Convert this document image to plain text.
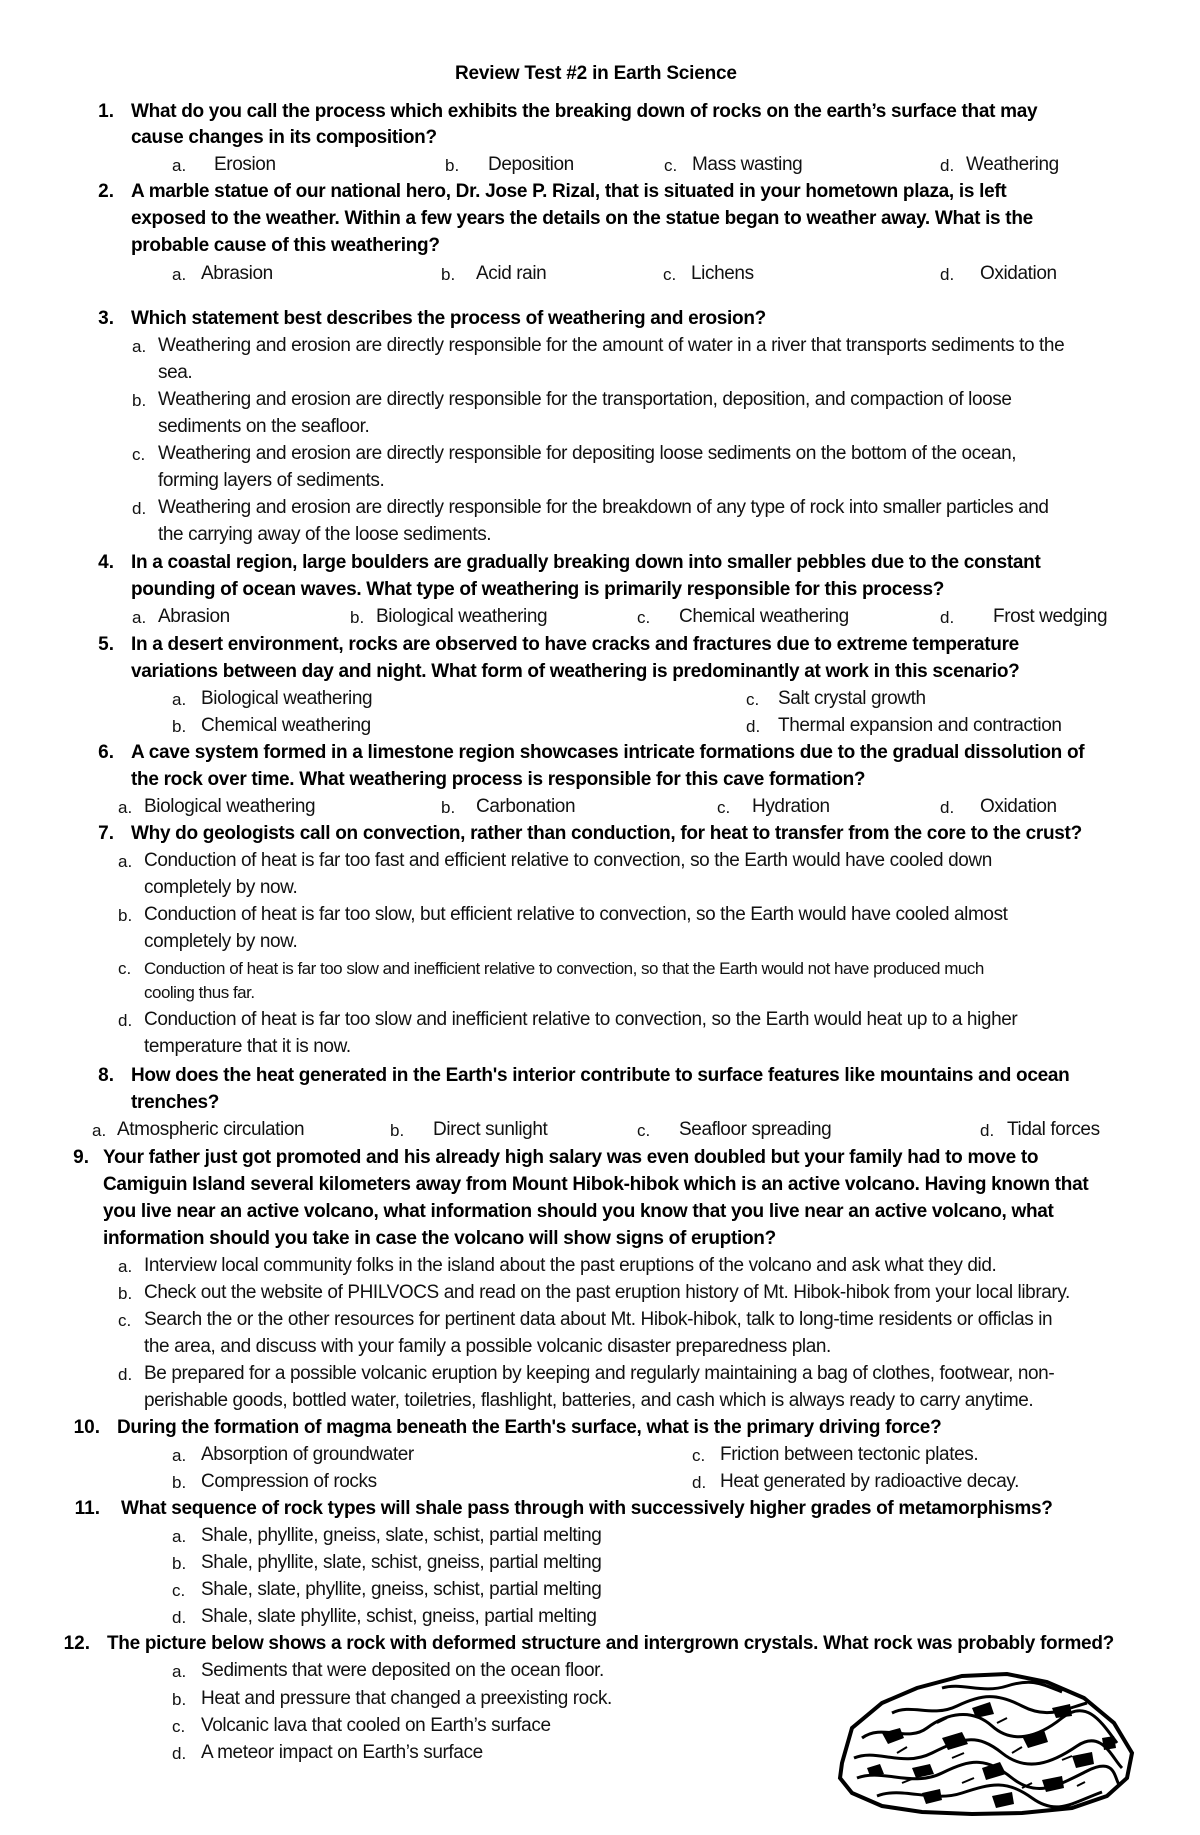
Review Test #2 in Earth Science
1. What do you call the process which exhibits the breaking down of rocks on the earth’s surface that may
cause changes in its composition?
a. Erosion	b. Deposition	c. Mass wasting	d. Weathering
2. A marble statue of our national hero, Dr. Jose P. Rizal, that is situated in your hometown plaza, is left
exposed to the weather. Within a few years the details on the statue began to weather away. What is the
probable cause of this weathering?
a. Abrasion	b. Acid rain	c. Lichens	d. Oxidation
3. Which statement best describes the process of weathering and erosion?
a. Weathering and erosion are directly responsible for the amount of water in a river that transports sediments to the
sea.
b. Weathering and erosion are directly responsible for the transportation, deposition, and compaction of loose
sediments on the seafloor.
c. Weathering and erosion are directly responsible for depositing loose sediments on the bottom of the ocean,
forming layers of sediments.
d. Weathering and erosion are directly responsible for the breakdown of any type of rock into smaller particles and
the carrying away of the loose sediments.
4. In a coastal region, large boulders are gradually breaking down into smaller pebbles due to the constant
pounding of ocean waves. What type of weathering is primarily responsible for this process?
a. Abrasion	b. Biological weathering	c. Chemical weathering	d. Frost wedging
5. In a desert environment, rocks are observed to have cracks and fractures due to extreme temperature
variations between day and night. What form of weathering is predominantly at work in this scenario?
a. Biological weathering	c. Salt crystal growth
b. Chemical weathering	d. Thermal expansion and contraction
6. A cave system formed in a limestone region showcases intricate formations due to the gradual dissolution of
the rock over time. What weathering process is responsible for this cave formation?
a. Biological weathering	b. Carbonation	c. Hydration	d. Oxidation
7. Why do geologists call on convection, rather than conduction, for heat to transfer from the core to the crust?
a. Conduction of heat is far too fast and efficient relative to convection, so the Earth would have cooled down
completely by now.
b. Conduction of heat is far too slow, but efficient relative to convection, so the Earth would have cooled almost
completely by now.
c. Conduction of heat is far too slow and inefficient relative to convection, so that the Earth would not have produced much
cooling thus far.
d. Conduction of heat is far too slow and inefficient relative to convection, so the Earth would heat up to a higher
temperature that it is now.
8. How does the heat generated in the Earth's interior contribute to surface features like mountains and ocean
trenches?
a. Atmospheric circulation	b. Direct sunlight	c. Seafloor spreading	d. Tidal forces
9. Your father just got promoted and his already high salary was even doubled but your family had to move to
Camiguin Island several kilometers away from Mount Hibok-hibok which is an active volcano. Having known that
you live near an active volcano, what information should you know that you live near an active volcano, what
information should you take in case the volcano will show signs of eruption?
a. Interview local community folks in the island about the past eruptions of the volcano and ask what they did.
b. Check out the website of PHILVOCS and read on the past eruption history of Mt. Hibok-hibok from your local library.
c. Search the or the other resources for pertinent data about Mt. Hibok-hibok, talk to long-time residents or officlas in
the area, and discuss with your family a possible volcanic disaster preparedness plan.
d. Be prepared for a possible volcanic eruption by keeping and regularly maintaining a bag of clothes, footwear, non-
perishable goods, bottled water, toiletries, flashlight, batteries, and cash which is always ready to carry anytime.
10. During the formation of magma beneath the Earth's surface, what is the primary driving force?
a. Absorption of groundwater	c. Friction between tectonic plates.
b. Compression of rocks	d. Heat generated by radioactive decay.
11. What sequence of rock types will shale pass through with successively higher grades of metamorphisms?
a. Shale, phyllite, gneiss, slate, schist, partial melting
b. Shale, phyllite, slate, schist, gneiss, partial melting
c. Shale, slate, phyllite, gneiss, schist, partial melting
d. Shale, slate phyllite, schist, gneiss, partial melting
12. The picture below shows a rock with deformed structure and intergrown crystals. What rock was probably formed?
a. Sediments that were deposited on the ocean floor.
b. Heat and pressure that changed a preexisting rock.
c. Volcanic lava that cooled on Earth’s surface
d. A meteor impact on Earth’s surface
